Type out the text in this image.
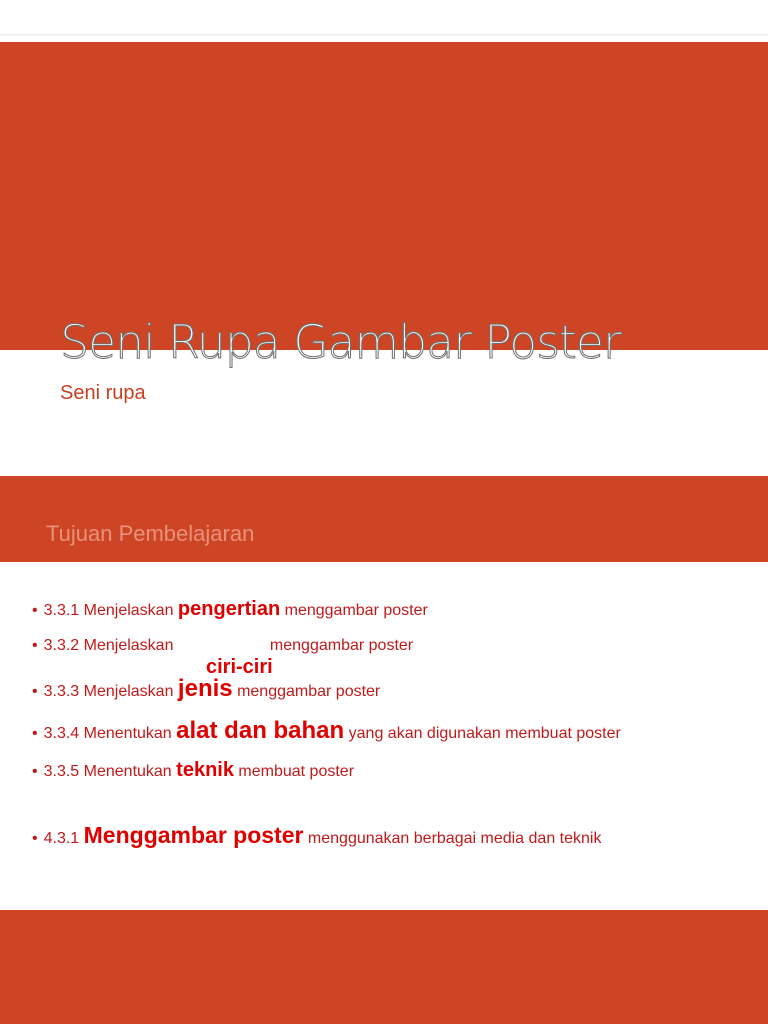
Seni Rupa Gambar Poster

Seni rupa

Tujuan Pembelajaran
• 3.3.1 Menjelaskan pengertian menggambar poster
• 3.3.2 Menjelaskan	menggambar poster
• 3.3.3 Menjelaskan jenis menggambar poster
• 3.3.4 Menentukan alat dan bahan yang akan digunakan membuat poster
• 3.3.5 Menentukan teknik membuat poster
• 4.3.1 Menggambar poster menggunakan berbagai media dan teknik
ciri-ciri
